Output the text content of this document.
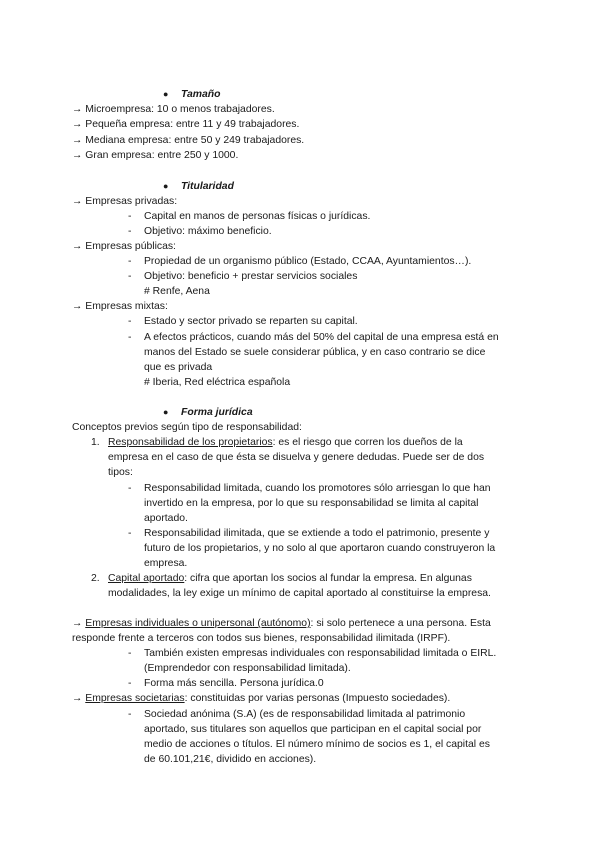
● Tamaño
→ Microempresa: 10 o menos trabajadores.
→ Pequeña empresa: entre 11 y 49 trabajadores.
→ Mediana empresa: entre 50 y 249 trabajadores.
→ Gran empresa: entre 250 y 1000.
● Titularidad
→ Empresas privadas:
- Capital en manos de personas físicas o jurídicas.
- Objetivo: máximo beneficio.
→ Empresas públicas:
- Propiedad de un organismo público (Estado, CCAA, Ayuntamientos…).
- Objetivo: beneficio + prestar servicios sociales
# Renfe, Aena
→ Empresas mixtas:
- Estado y sector privado se reparten su capital.
- A efectos prácticos, cuando más del 50% del capital de una empresa está en
manos del Estado se suele considerar pública, y en caso contrario se dice
que es privada
# Iberia, Red eléctrica española
● Forma jurídica
Conceptos previos según tipo de responsabilidad:
1. Responsabilidad de los propietarios: es el riesgo que corren los dueños de la
empresa en el caso de que ésta se disuelva y genere dedudas. Puede ser de dos
tipos:
- Responsabilidad limitada, cuando los promotores sólo arriesgan lo que han
invertido en la empresa, por lo que su responsabilidad se limita al capital
aportado.
- Responsabilidad ilimitada, que se extiende a todo el patrimonio, presente y
futuro de los propietarios, y no solo al que aportaron cuando construyeron la
empresa.
2. Capital aportado: cifra que aportan los socios al fundar la empresa. En algunas
modalidades, la ley exige un mínimo de capital aportado al constituirse la empresa.
→ Empresas individuales o unipersonal (autónomo): si solo pertenece a una persona. Esta
responde frente a terceros con todos sus bienes, responsabilidad ilimitada (IRPF).
- También existen empresas individuales con responsabilidad limitada o EIRL.
(Emprendedor con responsabilidad limitada).
- Forma más sencilla. Persona jurídica.0
→ Empresas societarias: constituidas por varias personas (Impuesto sociedades).
- Sociedad anónima (S.A) (es de responsabilidad limitada al patrimonio
aportado, sus titulares son aquellos que participan en el capital social por
medio de acciones o títulos. El número mínimo de socios es 1, el capital es
de 60.101,21€, dividido en acciones).
